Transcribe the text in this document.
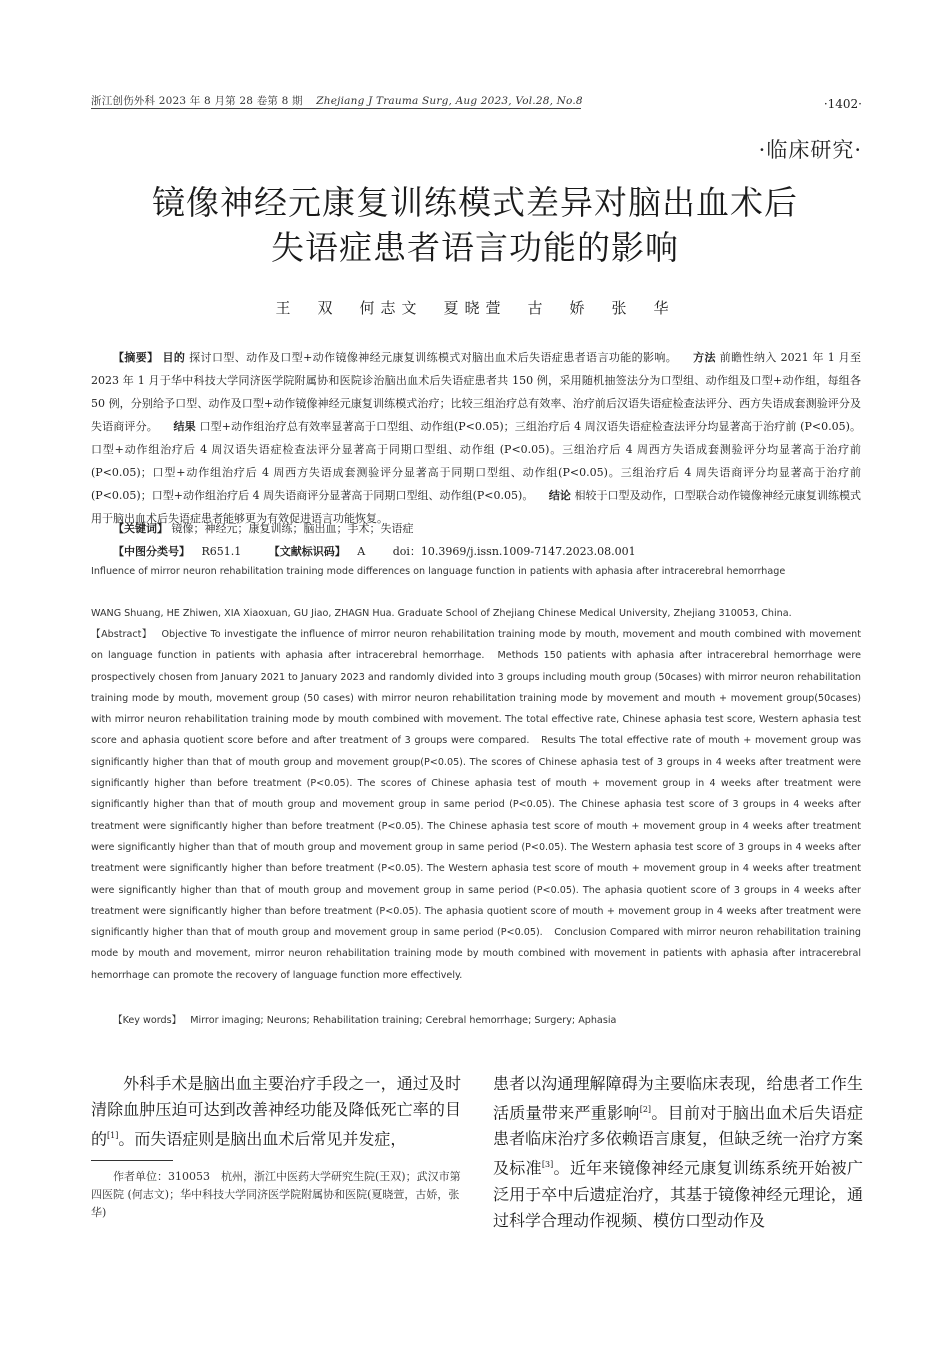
浙江创伤外科 2023 年 8 月第 28 卷第 8 期 Zhejiang J Trauma Surg, Aug 2023, Vol.28, No.8	·1402·
·临床研究·
镜像神经元康复训练模式差异对脑出血术后
失语症患者语言功能的影响
王　双　何志文　夏晓萱　古　娇　张　华
【摘要】 目的 探讨口型、动作及口型+动作镜像神经元康复训练模式对脑出血术后失语症患者语言功能的影响。 方法 前瞻性纳入 2021 年 1 月至 2023 年 1 月于华中科技大学同济医学院附属协和医院诊治脑出血术后失语症患者共 150 例，采用随机抽签法分为口型组、动作组及口型+动作组，每组各 50 例，分别给予口型、动作及口型+动作镜像神经元康复训练模式治疗；比较三组治疗总有效率、治疗前后汉语失语症检查法评分、西方失语成套测验评分及失语商评分。 结果 口型+动作组治疗总有效率显著高于口型组、动作组(P<0.05)；三组治疗后 4 周汉语失语症检查法评分均显著高于治疗前 (P<0.05)。口型+动作组治疗后 4 周汉语失语症检查法评分显著高于同期口型组、动作组 (P<0.05)。三组治疗后 4 周西方失语成套测验评分均显著高于治疗前(P<0.05)；口型+动作组治疗后 4 周西方失语成套测验评分显著高于同期口型组、动作组(P<0.05)。三组治疗后 4 周失语商评分均显著高于治疗前(P<0.05)；口型+动作组治疗后 4 周失语商评分显著高于同期口型组、动作组(P<0.05)。 结论 相较于口型及动作，口型联合动作镜像神经元康复训练模式用于脑出血术后失语症患者能够更为有效促进语言功能恢复。
【关键词】 镜像；神经元；康复训练；脑出血；手术；失语症
【中图分类号】 R651.1	【文献标识码】 A	doi：10.3969/j.issn.1009-7147.2023.08.001
Influence of mirror neuron rehabilitation training mode differences on language function in patients with aphasia after intracerebral hemorrhage
WANG Shuang, HE Zhiwen, XIA Xiaoxuan, GU Jiao, ZHAGN Hua. Graduate School of Zhejiang Chinese Medical University, Zhejiang 310053, China.
【Abstract】 Objective To investigate the influence of mirror neuron rehabilitation training mode by mouth, movement and mouth combined with movement on language function in patients with aphasia after intracerebral hemorrhage. Methods 150 patients with aphasia after intracerebral hemorrhage were prospectively chosen from January 2021 to January 2023 and randomly divided into 3 groups including mouth group (50cases) with mirror neuron rehabilitation training mode by mouth, movement group (50 cases) with mirror neuron rehabilitation training mode by movement and mouth + movement group(50cases) with mirror neuron rehabilitation training mode by mouth combined with movement. The total effective rate, Chinese aphasia test score, Western aphasia test score and aphasia quotient score before and after treatment of 3 groups were compared. Results The total effective rate of mouth + movement group was significantly higher than that of mouth group and movement group(P<0.05). The scores of Chinese aphasia test of 3 groups in 4 weeks after treatment were significantly higher than before treatment (P<0.05). The scores of Chinese aphasia test of mouth + movement group in 4 weeks after treatment were significantly higher than that of mouth group and movement group in same period (P<0.05). The Chinese aphasia test score of 3 groups in 4 weeks after treatment were significantly higher than before treatment (P<0.05). The Chinese aphasia test score of mouth + movement group in 4 weeks after treatment were significantly higher than that of mouth group and movement group in same period (P<0.05). The Western aphasia test score of 3 groups in 4 weeks after treatment were significantly higher than before treatment (P<0.05). The Western aphasia test score of mouth + movement group in 4 weeks after treatment were significantly higher than that of mouth group and movement group in same period (P<0.05). The aphasia quotient score of 3 groups in 4 weeks after treatment were significantly higher than before treatment (P<0.05). The aphasia quotient score of mouth + movement group in 4 weeks after treatment were significantly higher than that of mouth group and movement group in same period (P<0.05). Conclusion Compared with mirror neuron rehabilitation training mode by mouth and movement, mirror neuron rehabilitation training mode by mouth combined with movement in patients with aphasia after intracerebral hemorrhage can promote the recovery of language function more effectively.
【Key words】 Mirror imaging; Neurons; Rehabilitation training; Cerebral hemorrhage; Surgery; Aphasia
外科手术是脑出血主要治疗手段之一，通过及时清除血肿压迫可达到改善神经功能及降低死亡率的目的[1]。而失语症则是脑出血术后常见并发症，
患者以沟通理解障碍为主要临床表现，给患者工作生活质量带来严重影响[2]。目前对于脑出血术后失语症患者临床治疗多依赖语言康复，但缺乏统一治疗方案及标准[3]。近年来镜像神经元康复训练系统开始被广泛用于卒中后遗症治疗，其基于镜像神经元理论，通过科学合理动作视频、模仿口型动作及
作者单位：310053　杭州，浙江中医药大学研究生院(王双)；武汉市第四医院 (何志文)；华中科技大学同济医学院附属协和医院(夏晓萱，古娇，张华)
